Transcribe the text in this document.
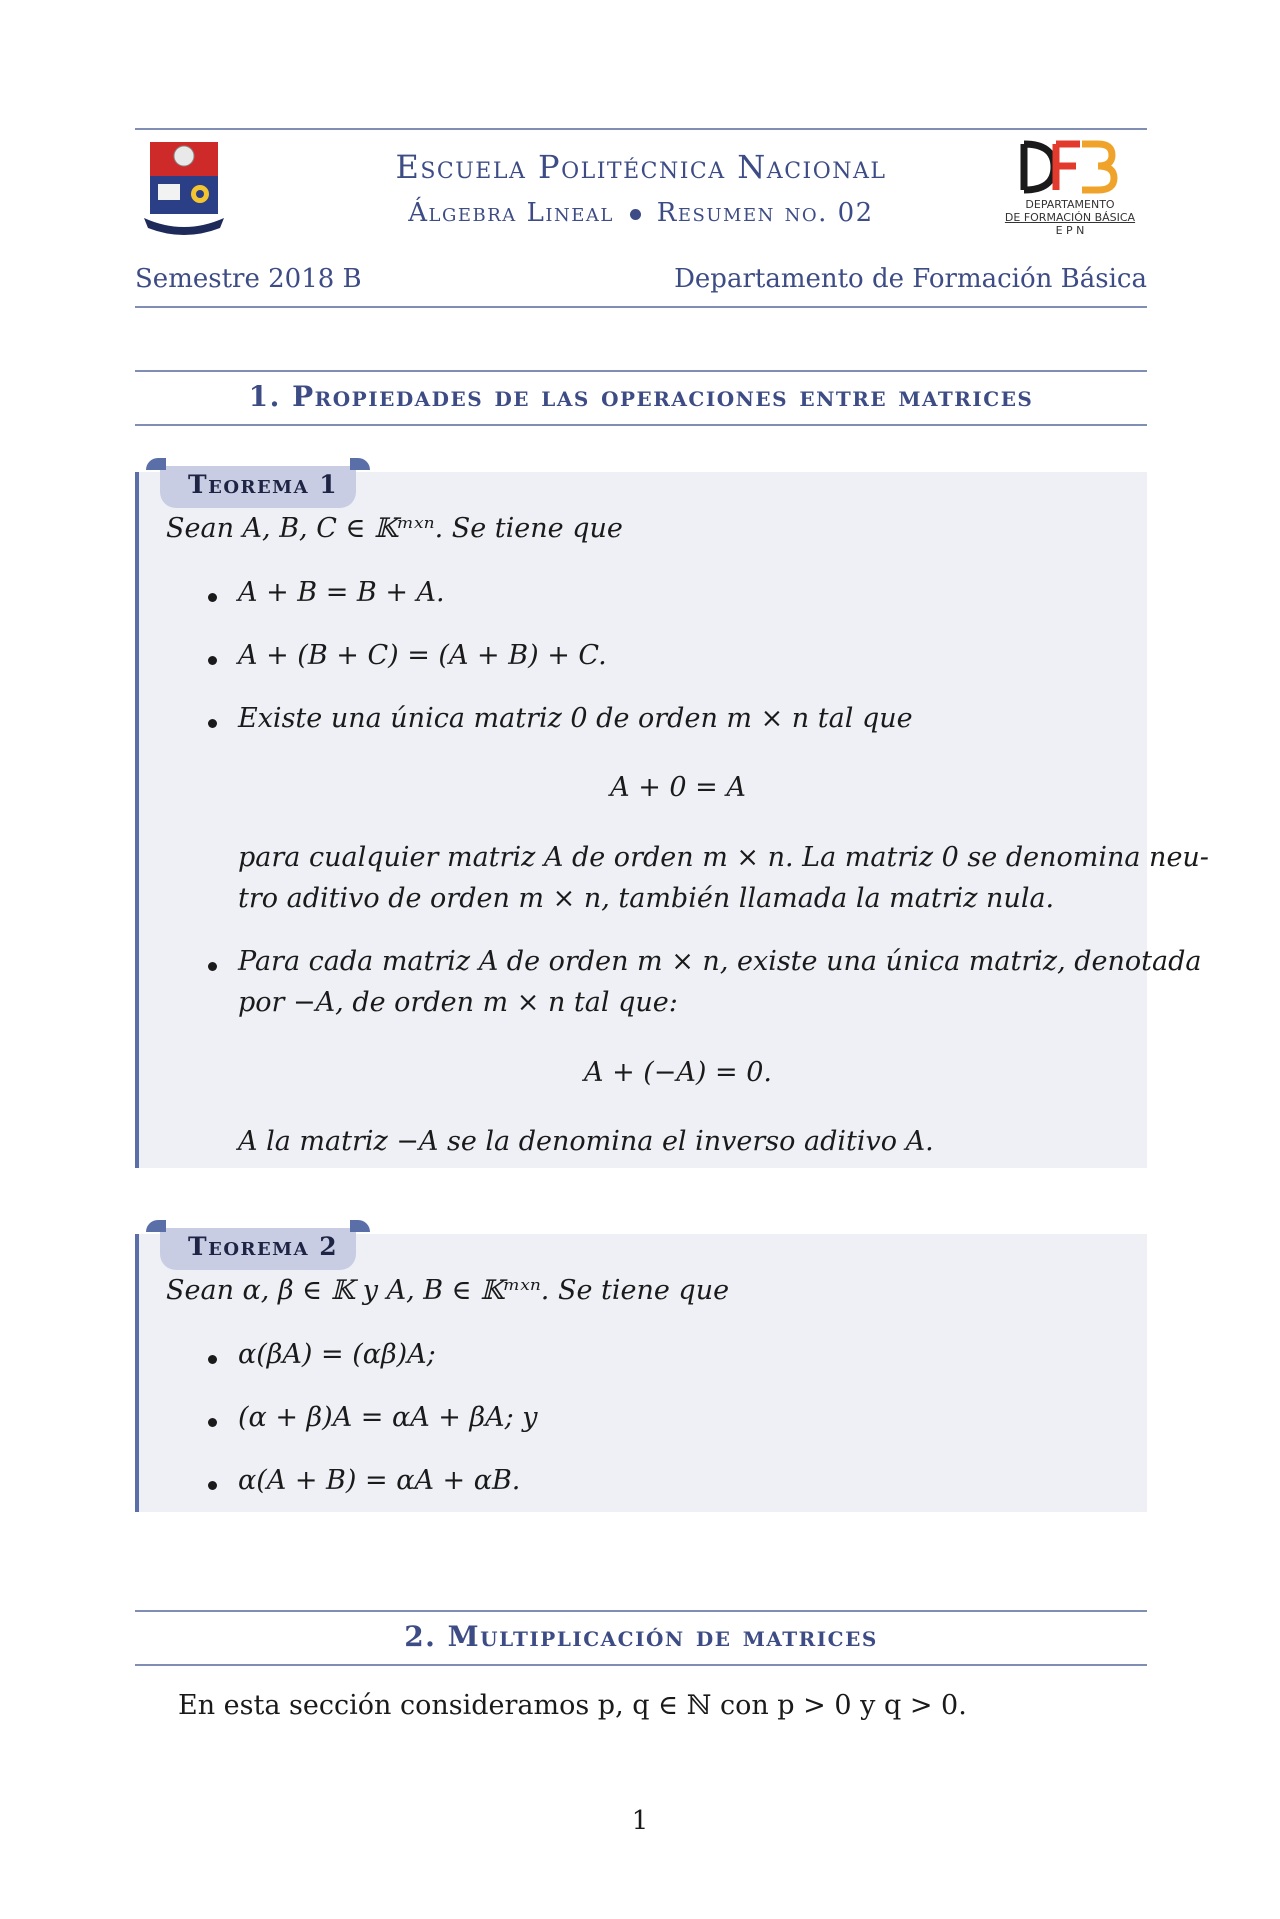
DEPARTAMENTO
DE FORMACIÓN BÁSICA
E P N
Escuela Politécnica Nacional
Álgebra Lineal Resumen no. 02
Semestre 2018 B	Departamento de Formación Básica
1. Propiedades de las operaciones entre matrices
Teorema 1
Sean A, B, C ∈ 𝕂ᵐˣⁿ. Se tiene que
A + B = B + A.
A + (B + C) = (A + B) + C.
Existe una única matriz 0 de orden m × n tal que
A + 0 = A
para cualquier matriz A de orden m × n. La matriz 0 se denomina neu-
tro aditivo de orden m × n, también llamada la matriz nula.
Para cada matriz A de orden m × n, existe una única matriz, denotada
por −A, de orden m × n tal que:
A + (−A) = 0.
A la matriz −A se la denomina el inverso aditivo A.
Teorema 2
Sean α, β ∈ 𝕂 y A, B ∈ 𝕂ᵐˣⁿ. Se tiene que
α(βA) = (αβ)A;
(α + β)A = αA + βA; y
α(A + B) = αA + αB.
2. Multiplicación de matrices
En esta sección consideramos p, q ∈ ℕ con p > 0 y q > 0.
1
